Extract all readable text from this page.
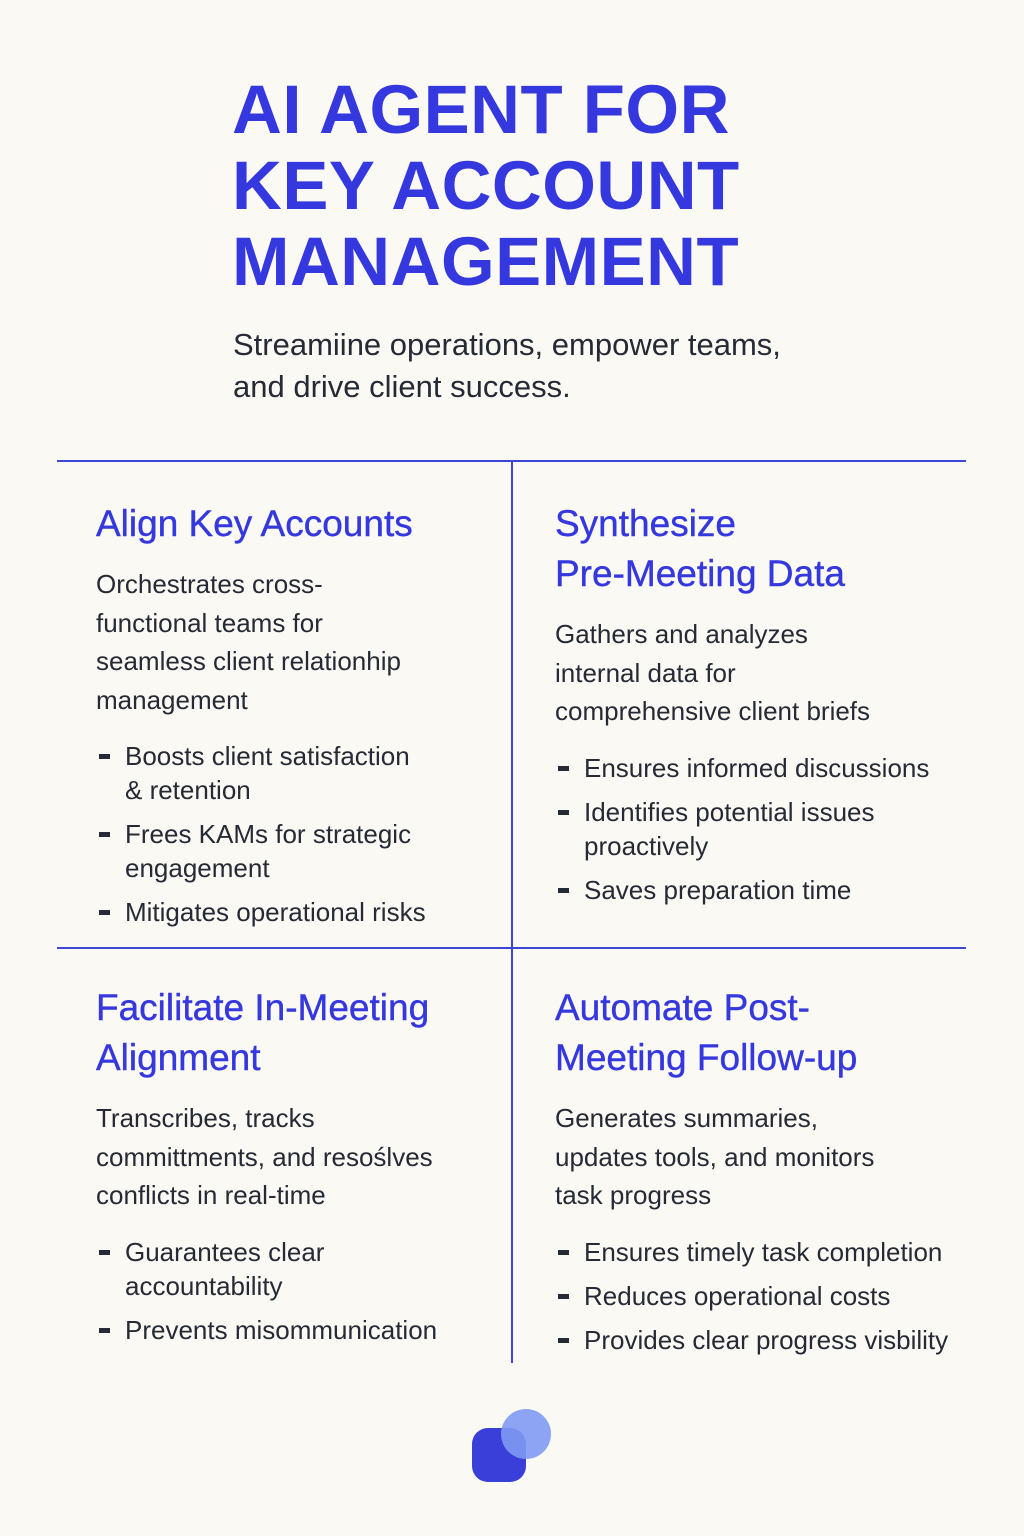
AI AGENT FOR
KEY ACCOUNT
MANAGEMENT

Streamiine operations, empower teams,
and drive client success.

Align Key Accounts

Orchestrates cross-
functional teams for
seamless client relationhip
management

Boosts client satisfaction
& retention
Frees KAMs for strategic
engagement
Mitigates operational risks
Synthesize
Pre-Meeting Data

Gathers and analyzes
internal data for
comprehensive client briefs

Ensures informed discussions
Identifies potential issues
proactively
Saves preparation time
Facilitate In-Meeting
Alignment

Transcribes, tracks
committments, and resoślves
conflicts in real-time

Guarantees clear
accountability
Prevents misommunication
Automate Post-
Meeting Follow-up

Generates summaries,
updates tools, and monitors
task progress

Ensures timely task completion
Reduces operational costs
Provides clear progress visbility
